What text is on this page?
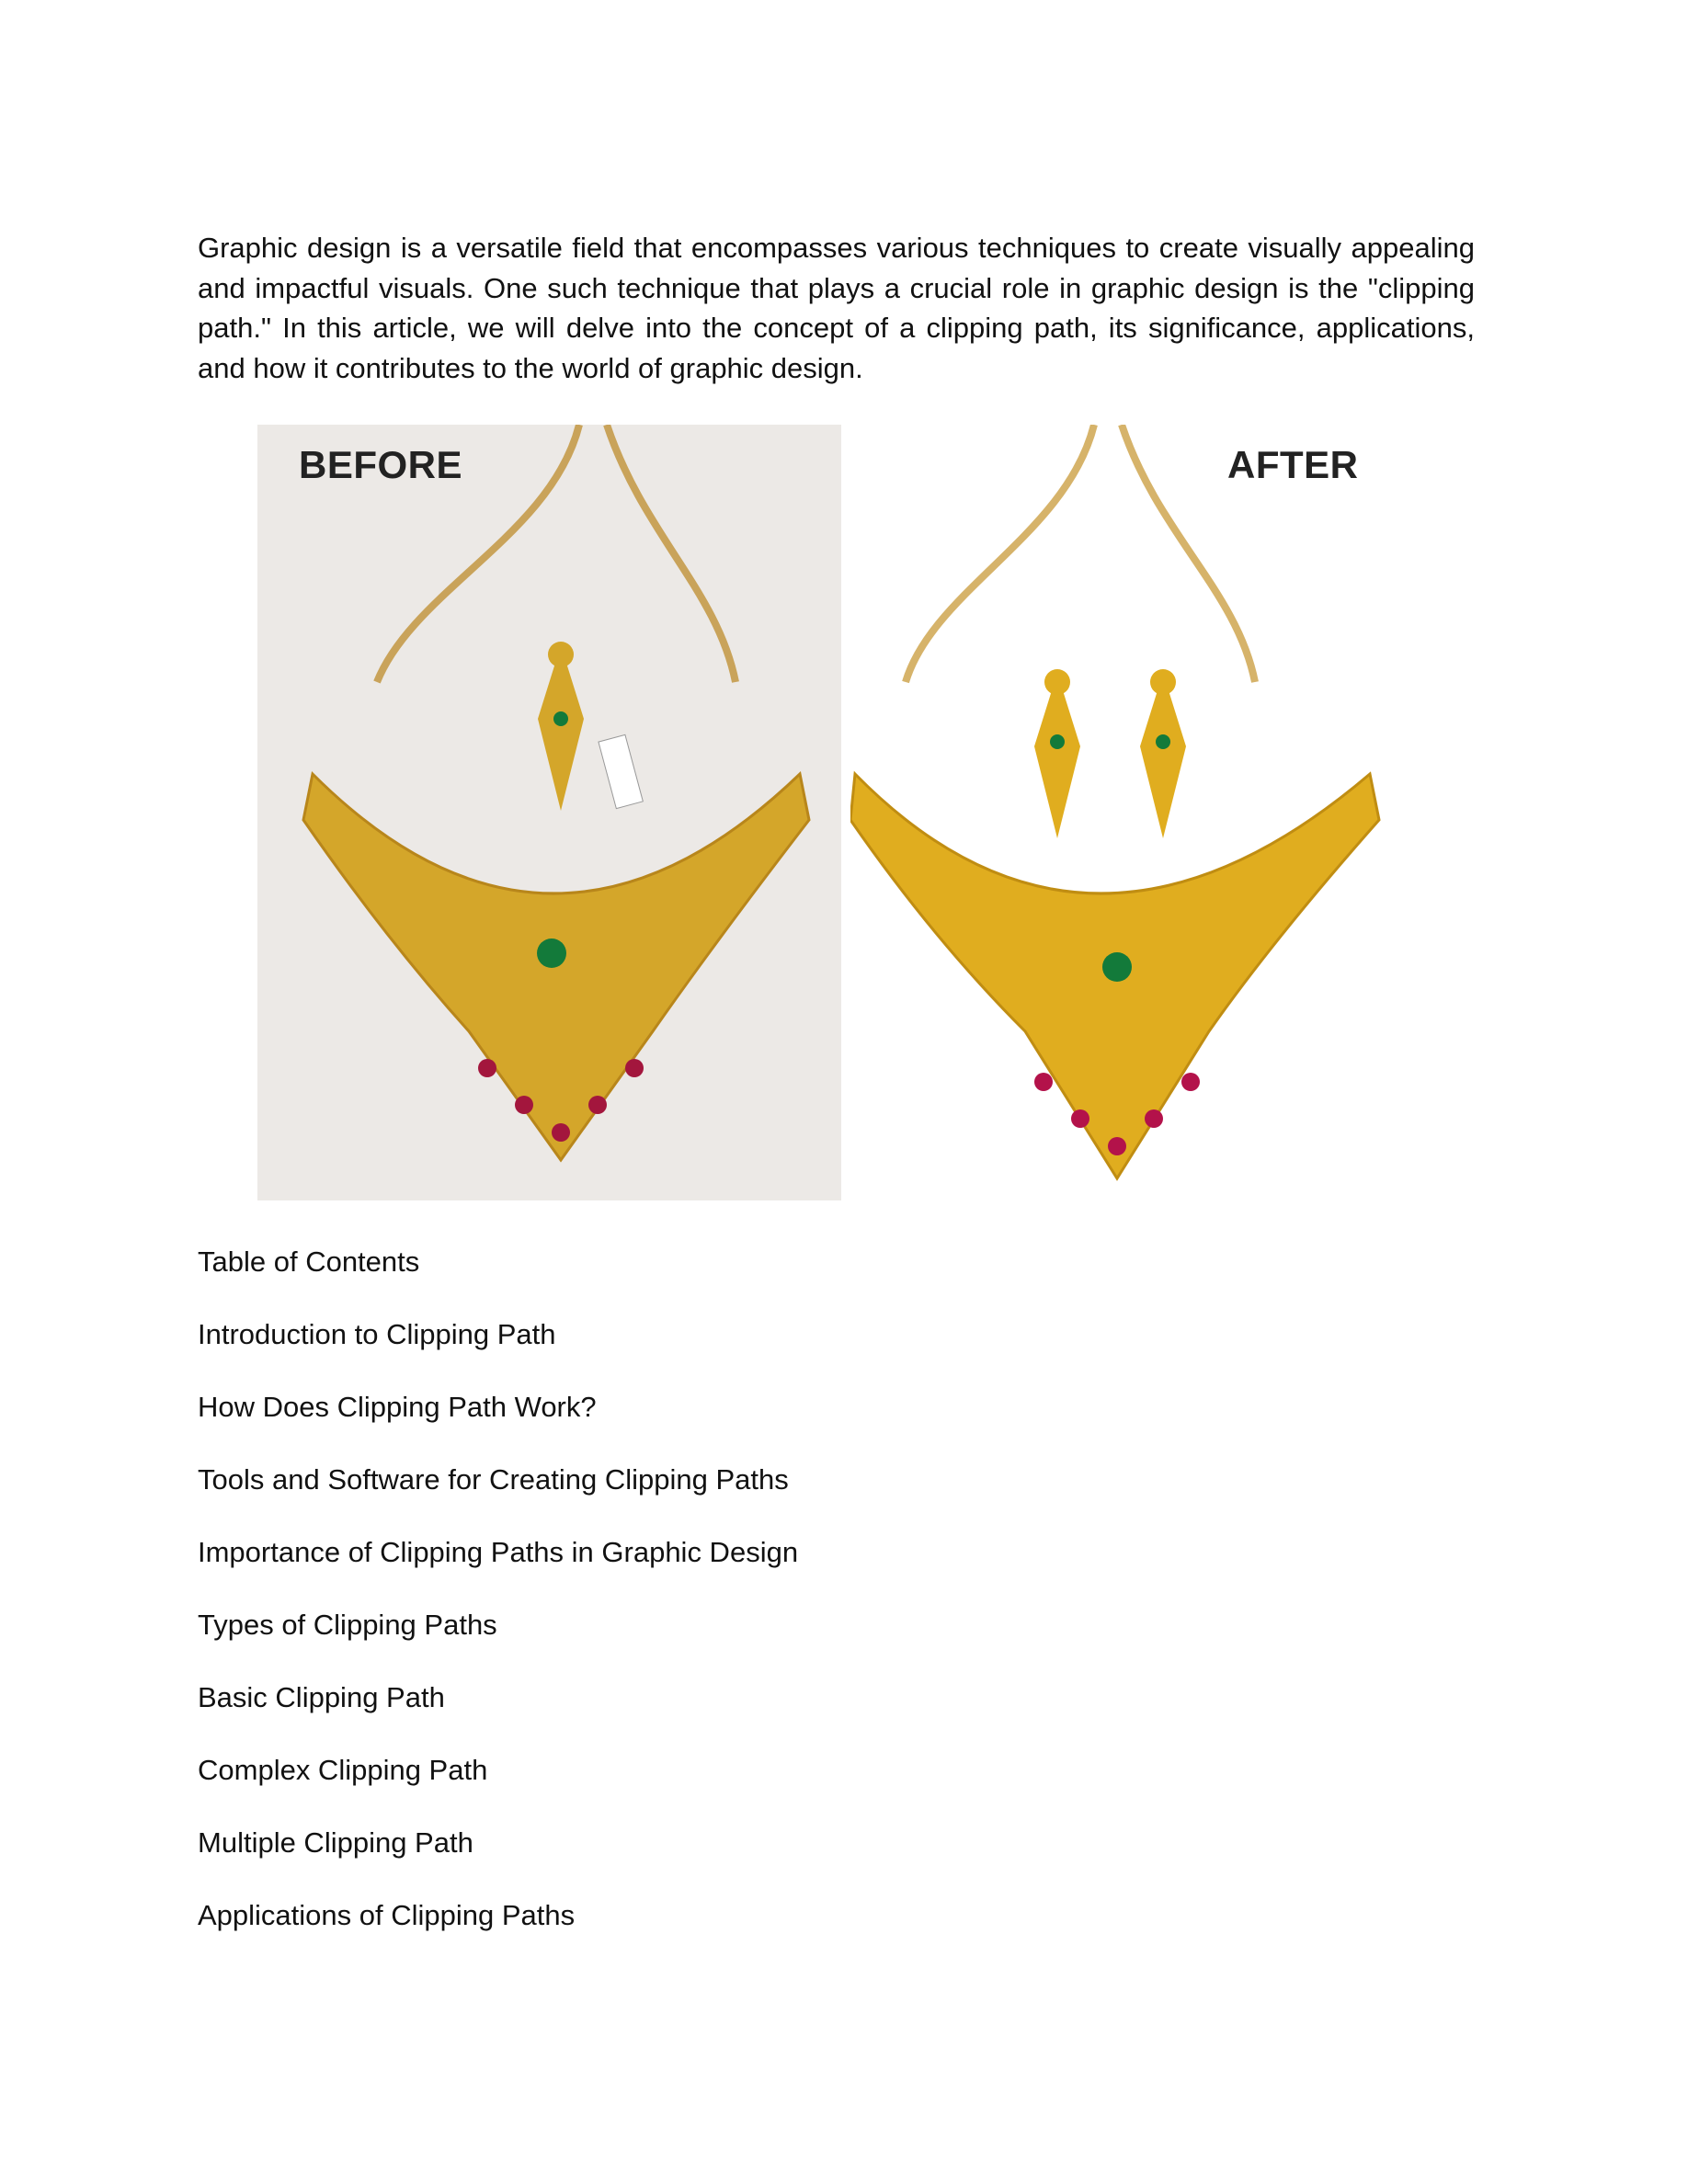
Graphic design is a versatile field that encompasses various techniques to create visually appealing and impactful visuals. One such technique that plays a crucial role in graphic design is the "clipping path." In this article, we will delve into the concept of a clipping path, its significance, applications, and how it contributes to the world of graphic design.

BEFORE	AFTER
Table of Contents
Introduction to Clipping Path
How Does Clipping Path Work?
Tools and Software for Creating Clipping Paths
Importance of Clipping Paths in Graphic Design
Types of Clipping Paths
Basic Clipping Path
Complex Clipping Path
Multiple Clipping Path
Applications of Clipping Paths
